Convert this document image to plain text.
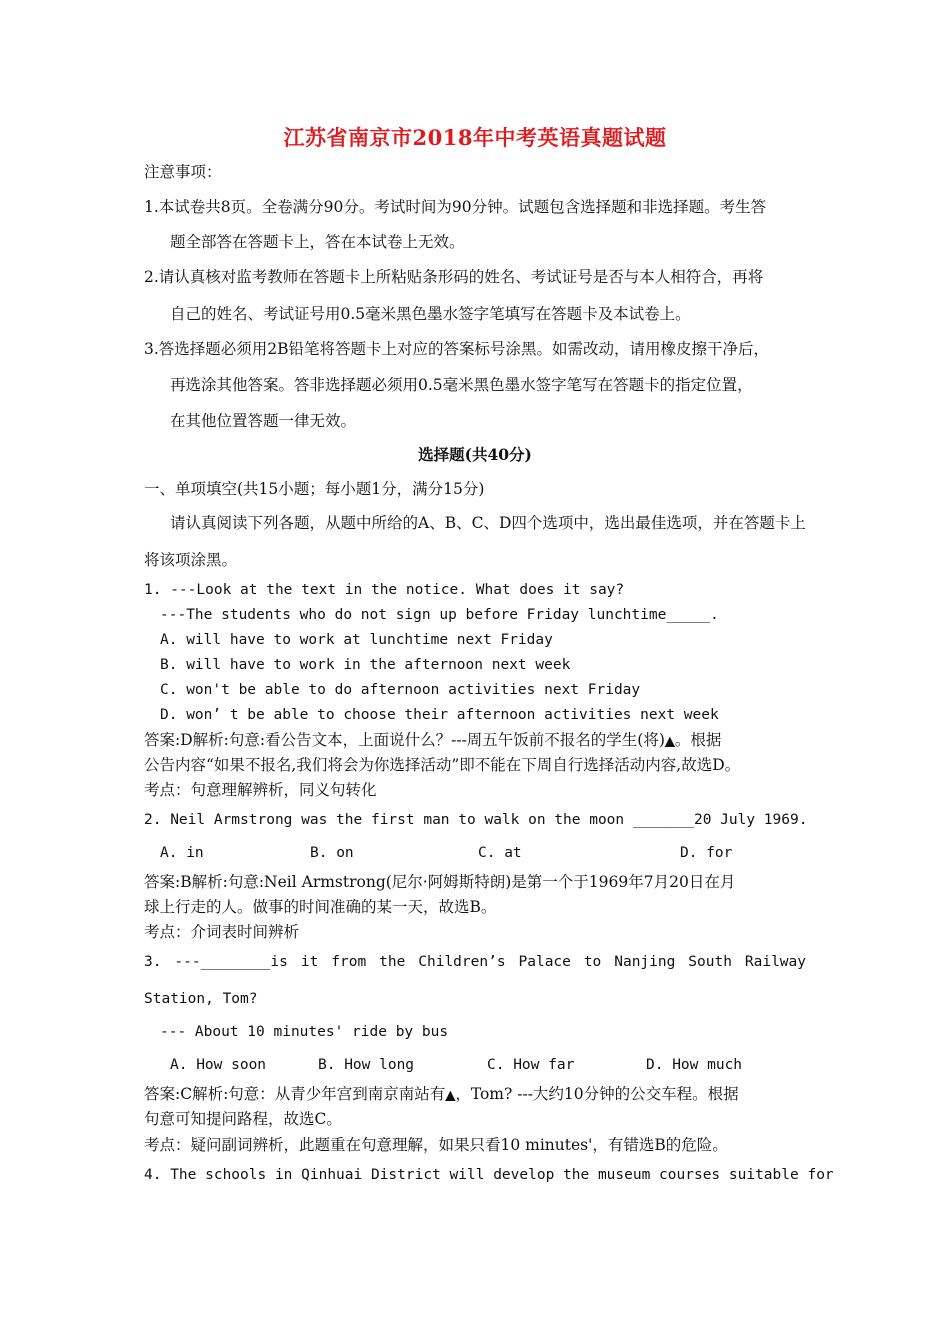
江苏省南京市2018年中考英语真题试题
注意事项：
1.本试卷共8页。全卷满分90分。考试时间为90分钟。试题包含选择题和非选择题。考生答
题全部答在答题卡上，答在本试卷上无效。
2.请认真核对监考教师在答题卡上所粘贴条形码的姓名、考试证号是否与本人相符合，再将
自己的姓名、考试证号用0.5毫米黑色墨水签字笔填写在答题卡及本试卷上。
3.答选择题必须用2B铅笔将答题卡上对应的答案标号涂黑。如需改动，请用橡皮擦干净后，
再选涂其他答案。答非选择题必须用0.5毫米黑色墨水签字笔写在答题卡的指定位置，
在其他位置答题一律无效。
选择题(共40分)
一、单项填空(共15小题；每小题1分，满分15分)
请认真阅读下列各题，从题中所给的A、B、C、D四个选项中，选出最佳选项，并在答题卡上
将该项涂黑。
1. ---Look at the text in the notice. What does it say?
---The students who do not sign up before Friday lunchtime_____.
A. will have to work at lunchtime next Friday
B. will have to work in the afternoon next week
C. won't be able to do afternoon activities next Friday
D. won’ t be able to choose their afternoon activities next week
答案:D解析:句意:看公告文本，上面说什么？---周五午饭前不报名的学生(将)▲。根据
公告内容“如果不报名,我们将会为你选择活动”即不能在下周自行选择活动内容,故选D。
考点：句意理解辨析，同义句转化
2. Neil Armstrong was the first man to walk on the moon _______20 July 1969.
A. in	B. on	C. at	D. for
答案:B解析:句意:Neil Armstrong(尼尔·阿姆斯特朗)是第一个于1969年7月20日在月
球上行走的人。做事的时间准确的某一天，故选B。
考点：介词表时间辨析
3. ---________is it from the Children’s Palace to Nanjing South Railway
Station, Tom?
--- About 10 minutes' ride by bus
A. How soon	B. How long	C. How far	D. How much
答案:C解析:句意：从青少年宫到南京南站有▲，Tom? ---大约10分钟的公交车程。根据
句意可知提问路程，故选C。
考点：疑问副词辨析，此题重在句意理解，如果只看10 minutes'，有错选B的危险。
4. The schools in Qinhuai District will develop the museum courses suitable for
